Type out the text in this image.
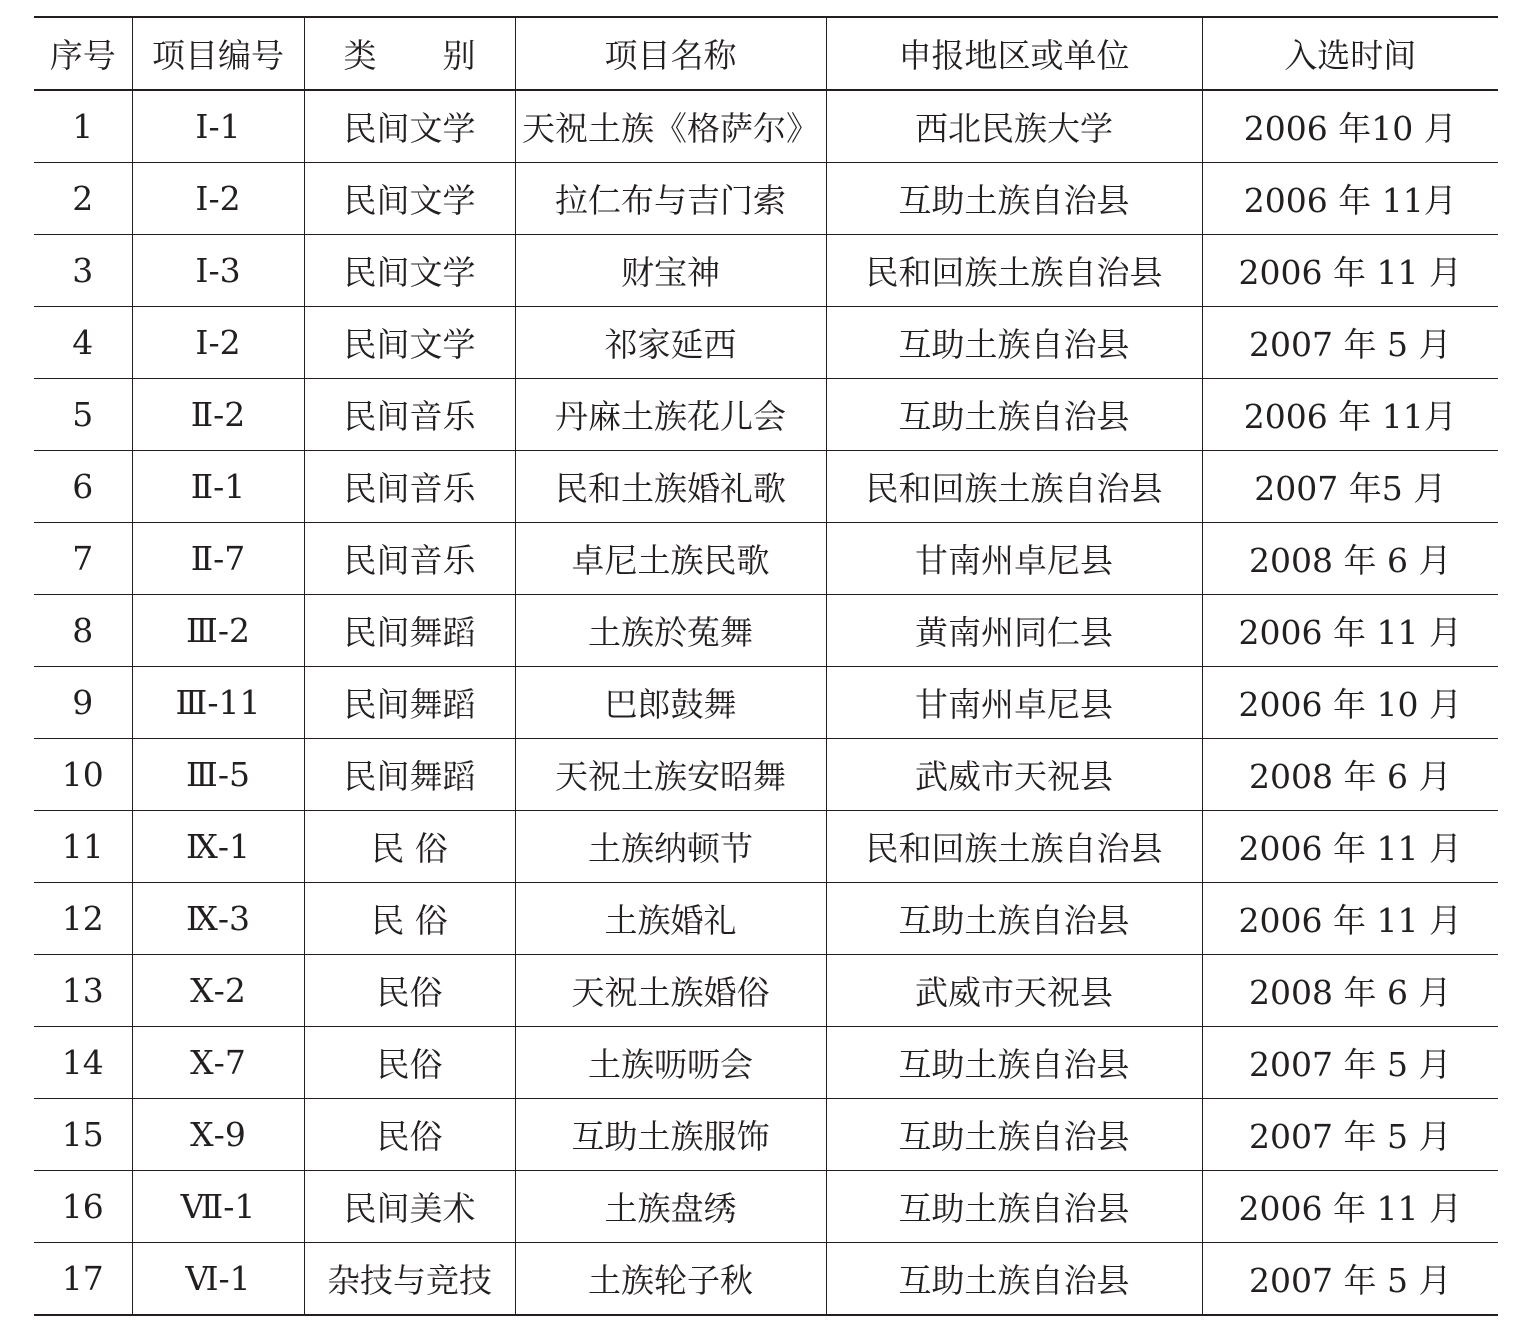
序号	项目编号	类　　别	项目名称	申报地区或单位	入选时间
1	Ⅰ-1	民间文学	天祝土族《格萨尔》	西北民族大学	2006 年10 月
2	Ⅰ-2	民间文学	拉仁布与吉门索	互助土族自治县	2006 年 11月
3	Ⅰ-3	民间文学	财宝神	民和回族土族自治县	2006 年 11 月
4	Ⅰ-2	民间文学	祁家延西	互助土族自治县	2007 年 5 月
5	Ⅱ-2	民间音乐	丹麻土族花儿会	互助土族自治县	2006 年 11月
6	Ⅱ-1	民间音乐	民和土族婚礼歌	民和回族土族自治县	2007 年5 月
7	Ⅱ-7	民间音乐	卓尼土族民歌	甘南州卓尼县	2008 年 6 月
8	Ⅲ-2	民间舞蹈	土族於菟舞	黄南州同仁县	2006 年 11 月
9	Ⅲ-11	民间舞蹈	巴郎鼓舞	甘南州卓尼县	2006 年 10 月
10	Ⅲ-5	民间舞蹈	天祝土族安昭舞	武威市天祝县	2008 年 6 月
11	Ⅸ-1	民 俗	土族纳顿节	民和回族土族自治县	2006 年 11 月
12	Ⅸ-3	民 俗	土族婚礼	互助土族自治县	2006 年 11 月
13	Ⅹ-2	民俗	天祝土族婚俗	武威市天祝县	2008 年 6 月
14	Ⅹ-7	民俗	土族呖呖会	互助土族自治县	2007 年 5 月
15	Ⅹ-9	民俗	互助土族服饰	互助土族自治县	2007 年 5 月
16	Ⅶ-1	民间美术	土族盘绣	互助土族自治县	2006 年 11 月
17	Ⅵ-1	杂技与竞技	土族轮子秋	互助土族自治县	2007 年 5 月
